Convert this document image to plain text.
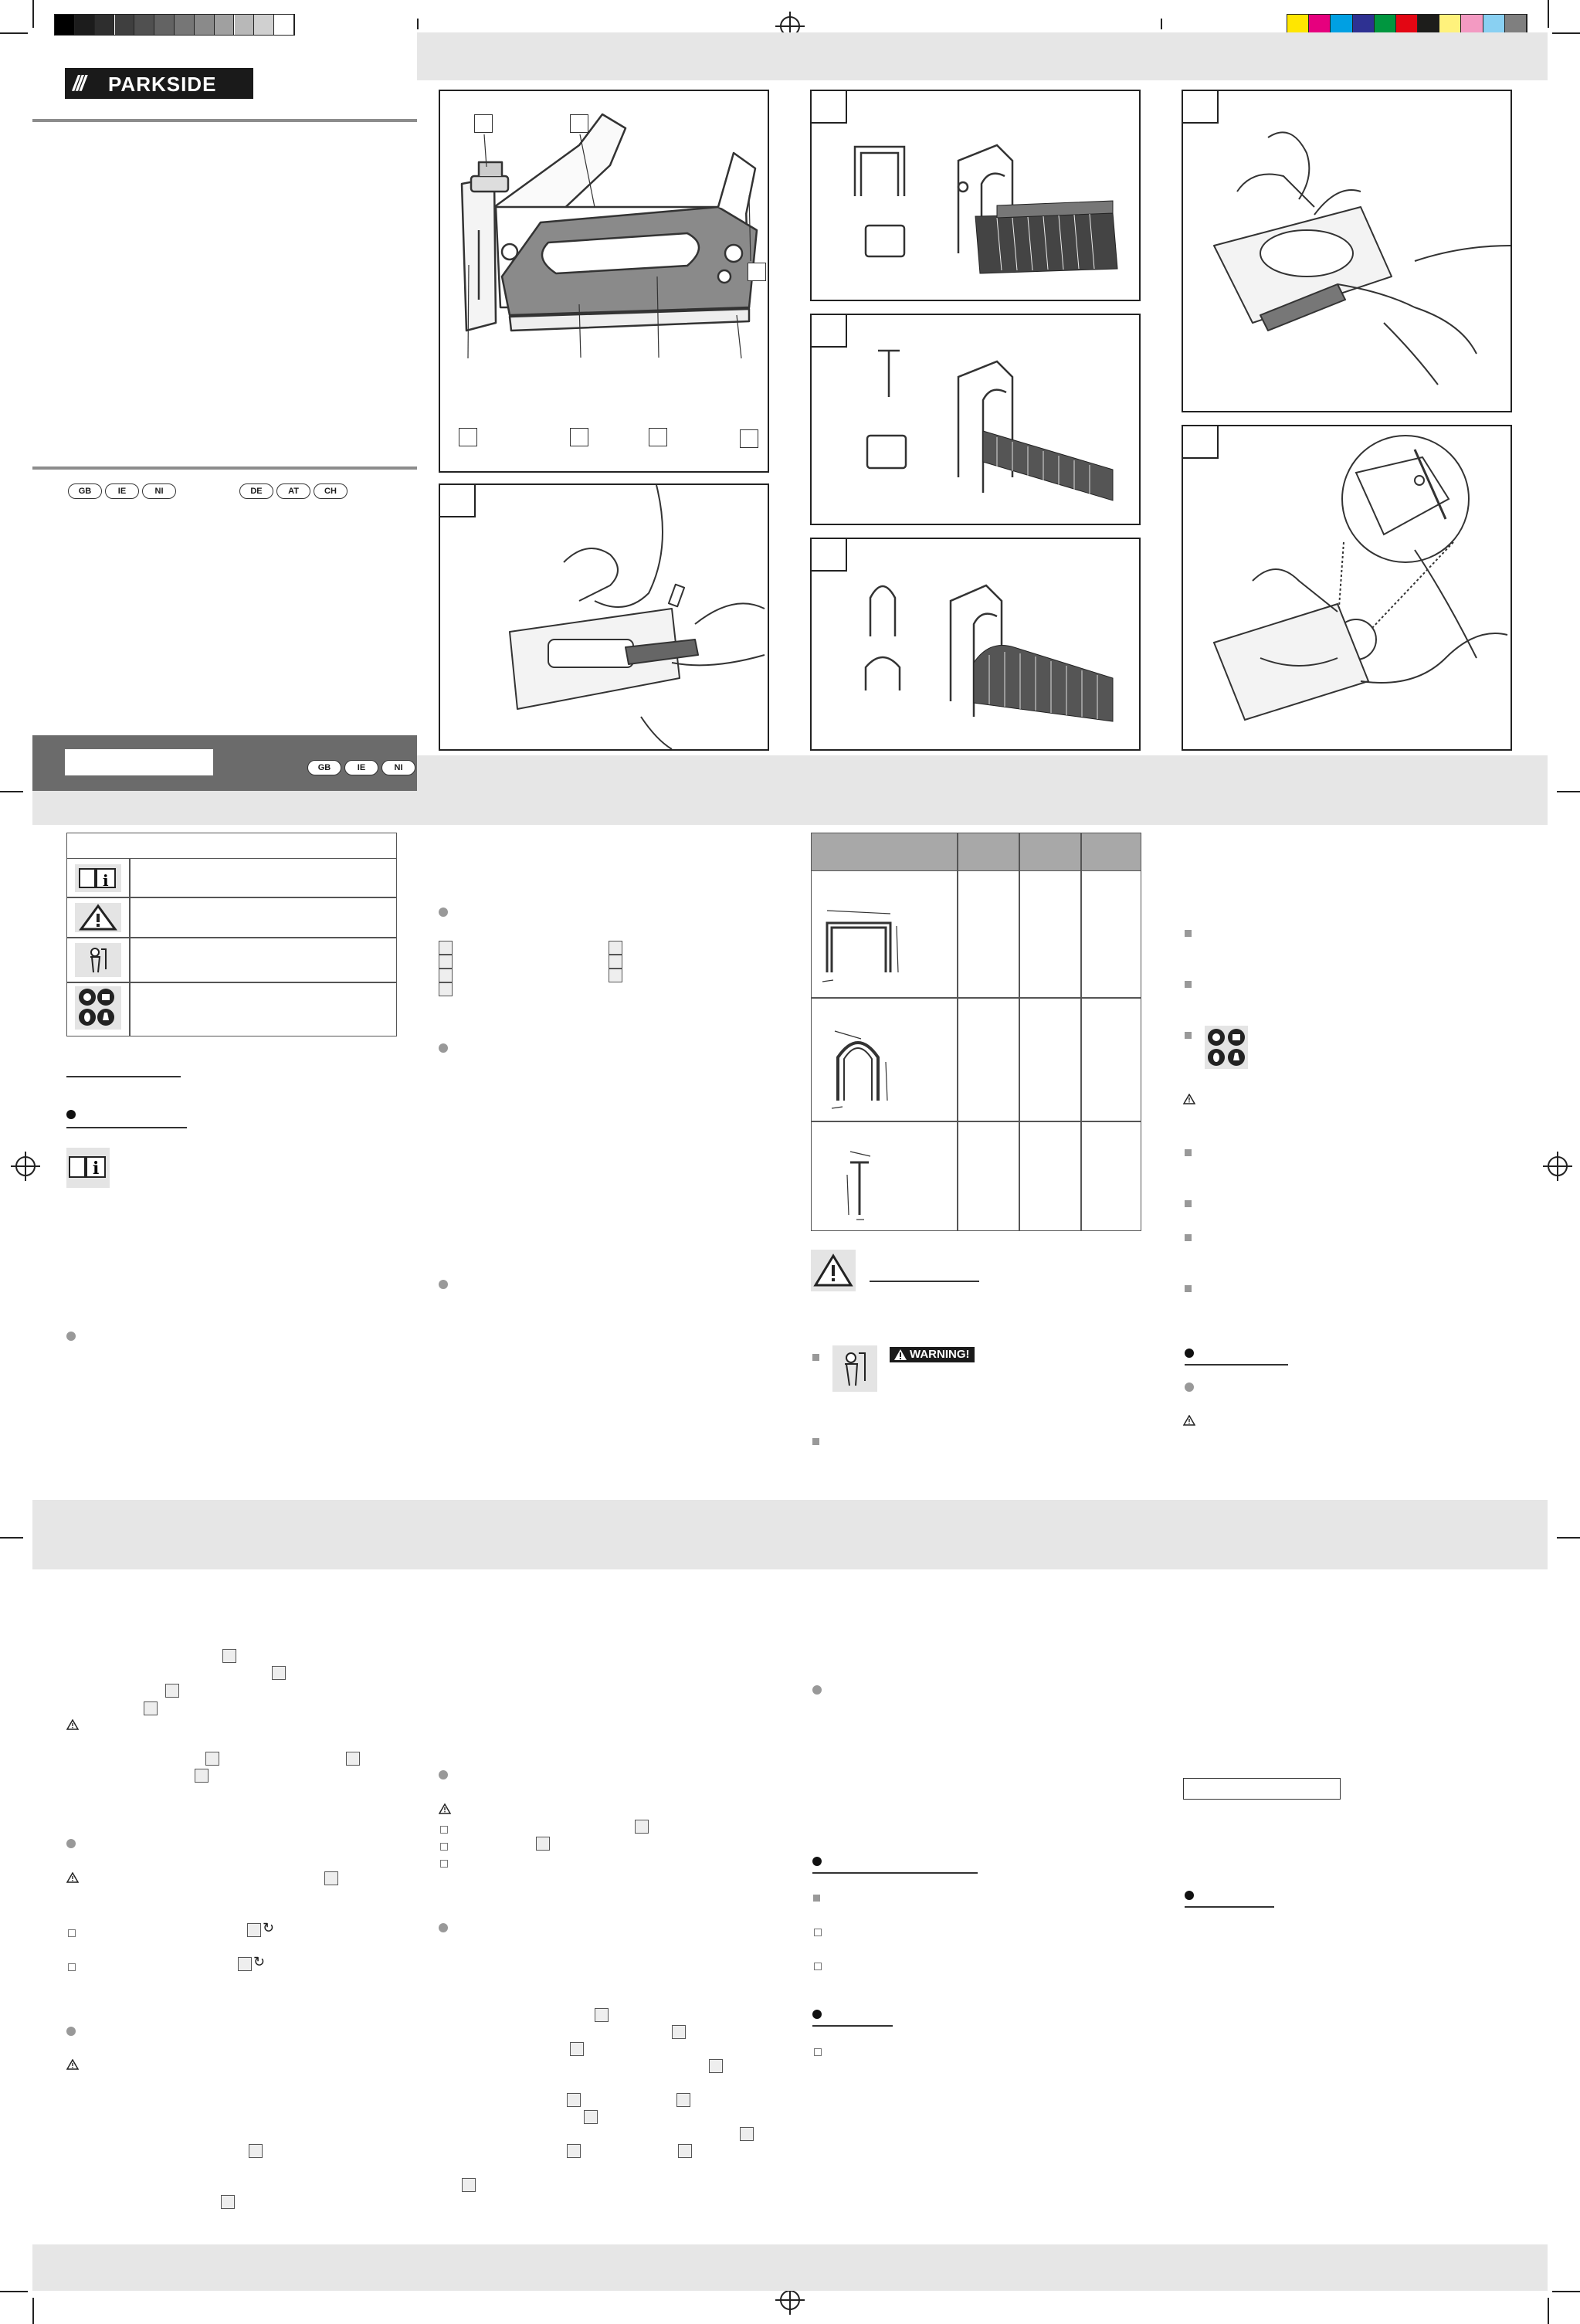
/// PARKSIDE
GB	IE	NI	DE	AT	CH
GB	IE	NI
i
i
WARNING!
↻
↻
